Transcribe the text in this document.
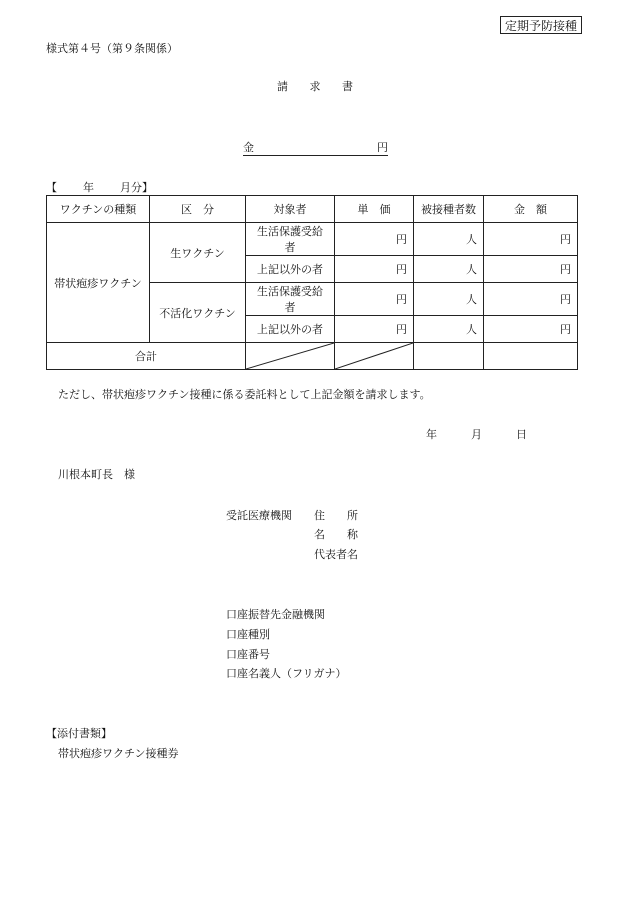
定期予防接種
様式第４号（第９条関係）
請 求 書
金	円
【 年 月分】
ワクチンの種類	区　分	対象者	単　価	被接種者数	金　額
帯状疱疹ワクチン	生ワクチン	生活保護受給者	円	人	円
		上記以外の者	円	人	円
	不活化ワクチン	生活保護受給者	円	人	円
		上記以外の者	円	人	円
合計	

ただし、帯状疱疹ワクチン接種に係る委託料として上記金額を請求します。
年	月	日
川根本町長　様
受託医療機関 住　　所
名　　称
代表者名
口座振替先金融機関
口座種別
口座番号
口座名義人（フリガナ）
【添付書類】
帯状疱疹ワクチン接種券
